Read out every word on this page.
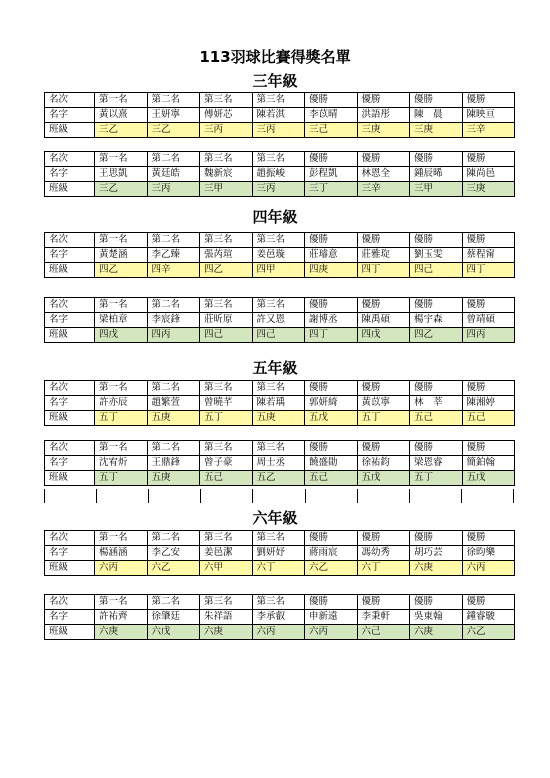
113羽球比賽得獎名單
三年級
名次	第一名	第二名	第三名	第三名	優勝	優勝	優勝	優勝
名字	黃以熹	王妍寧	傅妍芯	陳若淇	李苡晴	洪語彤	陳　晨	陳映亘
班級	三乙	三乙	三丙	三丙	三己	三庚	三庚	三辛
名次	第一名	第二名	第三名	第三名	優勝	優勝	優勝	優勝
名字	王思凱	黃廷皓	魏新宸	趙振峻	彭程凱	林恩全	鍾辰晞	陳尚邑
班級	三乙	三丙	三甲	三丙	三丁	三辛	三甲	三庚
四年級
名次	第一名	第二名	第三名	第三名	優勝	優勝	優勝	優勝
名字	黃楚涵	李乙臻	張芮瑄	姜邑璇	莊璿意	莊雅琁	劉玉雯	蔡程甯
班級	四乙	四辛	四乙	四甲	四庚	四丁	四己	四丁
名次	第一名	第二名	第三名	第三名	優勝	優勝	優勝	優勝
名字	梁柏章	李宸鋒	莊昕原	許又恩	謝博丞	陳禹碩	楊宇森	曾靖碩
班級	四戊	四丙	四己	四己	四丁	四戊	四乙	四丙
五年級
名次	第一名	第二名	第三名	第三名	優勝	優勝	優勝	優勝
名字	許亦辰	趙繁萱	曾曉芊	陳若瑀	郭妍綺	黃苡寧	林　莘	陳湘婷
班級	五丁	五庚	五丁	五庚	五戊	五丁	五己	五己
名次	第一名	第二名	第三名	第三名	優勝	優勝	優勝	優勝
名字	沈宥炘	王鼎鋒	曾子豪	周士丞	饒盛勛	徐祐鈞	梁恩睿	簡鉑翰
班級	五丁	五庚	五己	五乙	五己	五戊	五丁	五戊

六年級
名次	第一名	第二名	第三名	第三名	優勝	優勝	優勝	優勝
名字	楊涵涵	李乙安	姜邑潔	劉妍妤	蔣雨宸	馮幼秀	胡巧芸	徐昀樂
班級	六丙	六乙	六甲	六丁	六乙	六丁	六庚	六丙
名次	第一名	第二名	第三名	第三名	優勝	優勝	優勝	優勝
名字	許祐齊	徐肇廷	朱祥語	李承叡	申新遠	李秉軒	吳東翰	鍾睿駿
班級	六庚	六戊	六庚	六丙	六丙	六己	六庚	六乙
